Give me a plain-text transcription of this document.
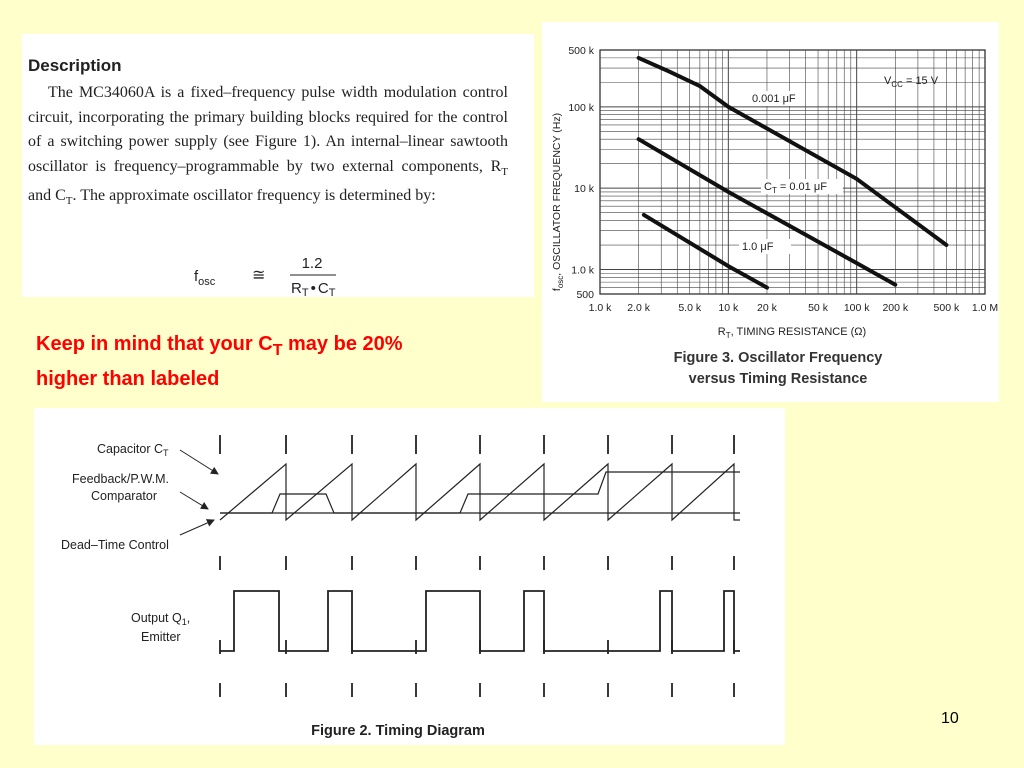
Description
The MC34060A is a fixed–frequency pulse width modulation control circuit, incorporating the primary building blocks required for the control of a switching power supply (see Figure 1). An internal–linear sawtooth oscillator is frequency–programmable by two external components, $R_T$ and $C_T$. The approximate oscillator frequency is determined by:
$f_{osc}$ ≅
1.2
$R_T$ • $C_T$
Keep in mind that your $C_T$ may be 20%
higher than labeled
0.001 μF
$C_T = 0.01$ μF
1.0 μF
1.0 k 2.0 k	5.0 k 10 k 20 k	50 k 100 k 200 k 500 k 1.0 M
500 k
100 k
10 k
1.0 k
500
$f_{osc}$, OSCILLATOR FREQUENCY (Hz)
$R_T$, TIMING RESISTANCE (Ω)
$V_{CC} = 15$ V
Figure 3. Oscillator Frequency
versus Timing Resistance
Capacitor $C_T$
Feedback/P.W.M.
Comparator
Dead–Time Control
Output $Q_1$,
Emitter
Figure 2. Timing Diagram
10
